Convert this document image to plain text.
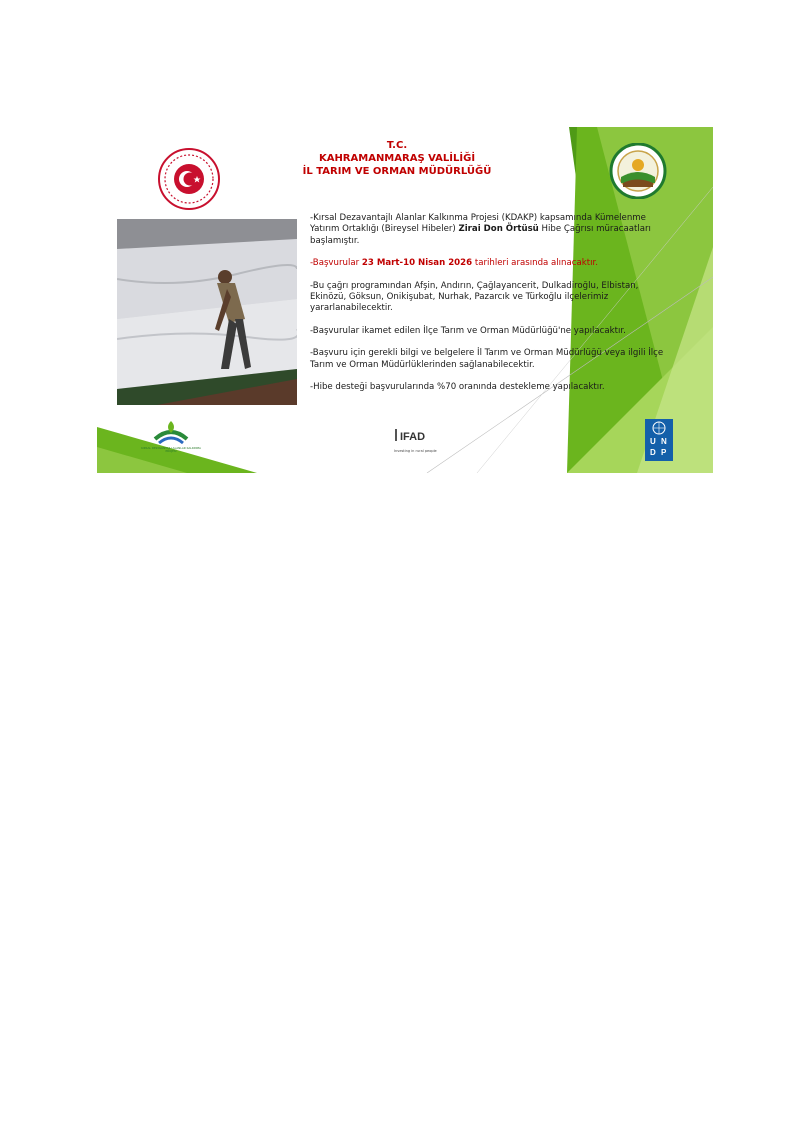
T.C.
KAHRAMANMARAŞ VALİLİĞİ
İL TARIM VE ORMAN MÜDÜRLÜĞÜ

-Kırsal Dezavantajlı Alanlar Kalkınma Projesi (KDAKP) kapsamında Kümelenme Yatırım Ortaklığı (Bireysel Hibeler) Zirai Don Örtüsü Hibe Çağrısı müracaatları başlamıştır.

-Başvurular 23 Mart-10 Nisan 2026 tarihleri arasında alınacaktır.

-Bu çağrı programından Afşin, Andırın, Çağlayancerit, Dulkadiroğlu, Elbistan, Ekinözü, Göksun, Onikişubat, Nurhak, Pazarcık ve Türkoğlu ilçelerimiz yararlanabilecektir.

-Başvurular ikamet edilen İlçe Tarım ve Orman Müdürlüğü'ne yapılacaktır.

-Başvuru için gerekli bilgi ve belgelere İl Tarım ve Orman Müdürlüğü veya ilgili İlçe Tarım ve Orman Müdürlüklerinden sağlanabilecektir.

-Hibe desteği başvurularında %70 oranında destekleme yapılacaktır.

KIRSAL DEZAVANTAJLI ALANLAR KALKINMA PROJESİ
IFAD
Investing in rural people
U N
D P
